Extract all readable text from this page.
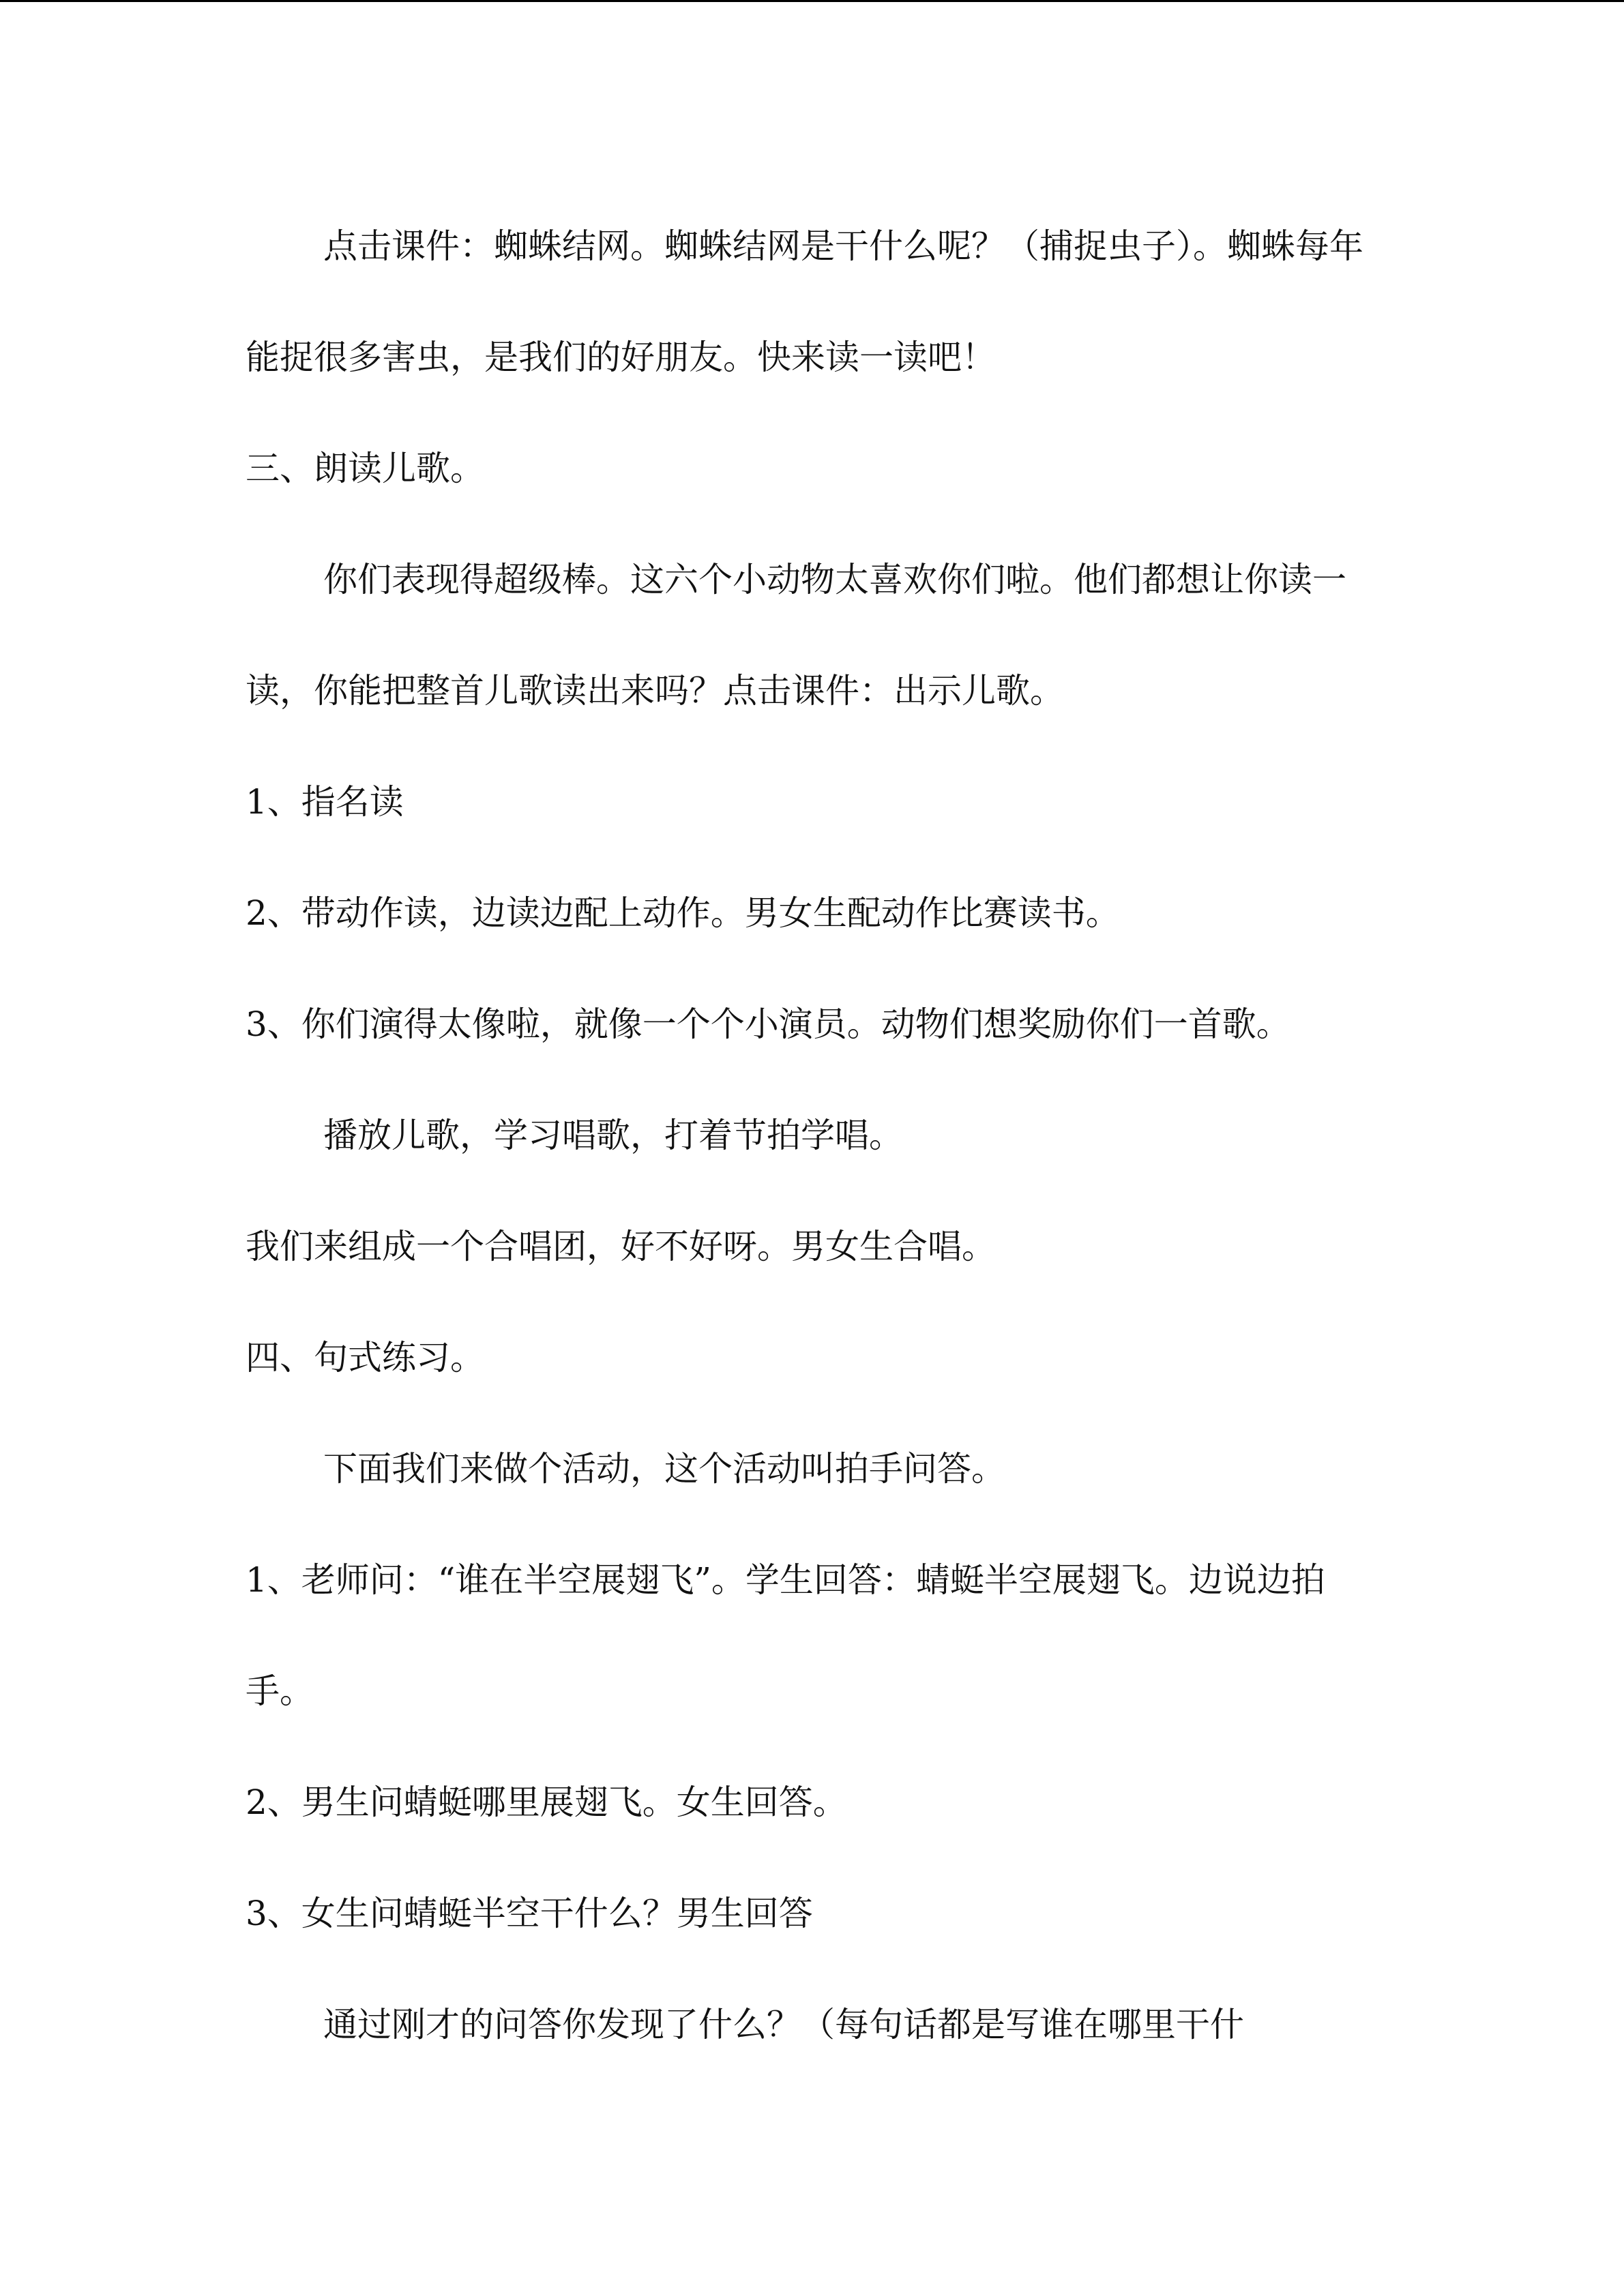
点击课件：蜘蛛结网。蜘蛛结网是干什么呢？（捕捉虫子）。蜘蛛每年能捉很多害虫，是我们的好朋友。快来读一读吧！

三、朗读儿歌。

你们表现得超级棒。这六个小动物太喜欢你们啦。他们都想让你读一读，你能把整首儿歌读出来吗？点击课件：出示儿歌。

1、指名读

2、带动作读，边读边配上动作。男女生配动作比赛读书。

3、你们演得太像啦，就像一个个小演员。动物们想奖励你们一首歌。

播放儿歌，学习唱歌，打着节拍学唱。

我们来组成一个合唱团，好不好呀。男女生合唱。

四、句式练习。

下面我们来做个活动，这个活动叫拍手问答。

1、老师问：“谁在半空展翅飞”。学生回答：蜻蜓半空展翅飞。边说边拍手。

2、男生问蜻蜓哪里展翅飞。女生回答。

3、女生问蜻蜓半空干什么？男生回答

通过刚才的问答你发现了什么？（每句话都是写谁在哪里干什
